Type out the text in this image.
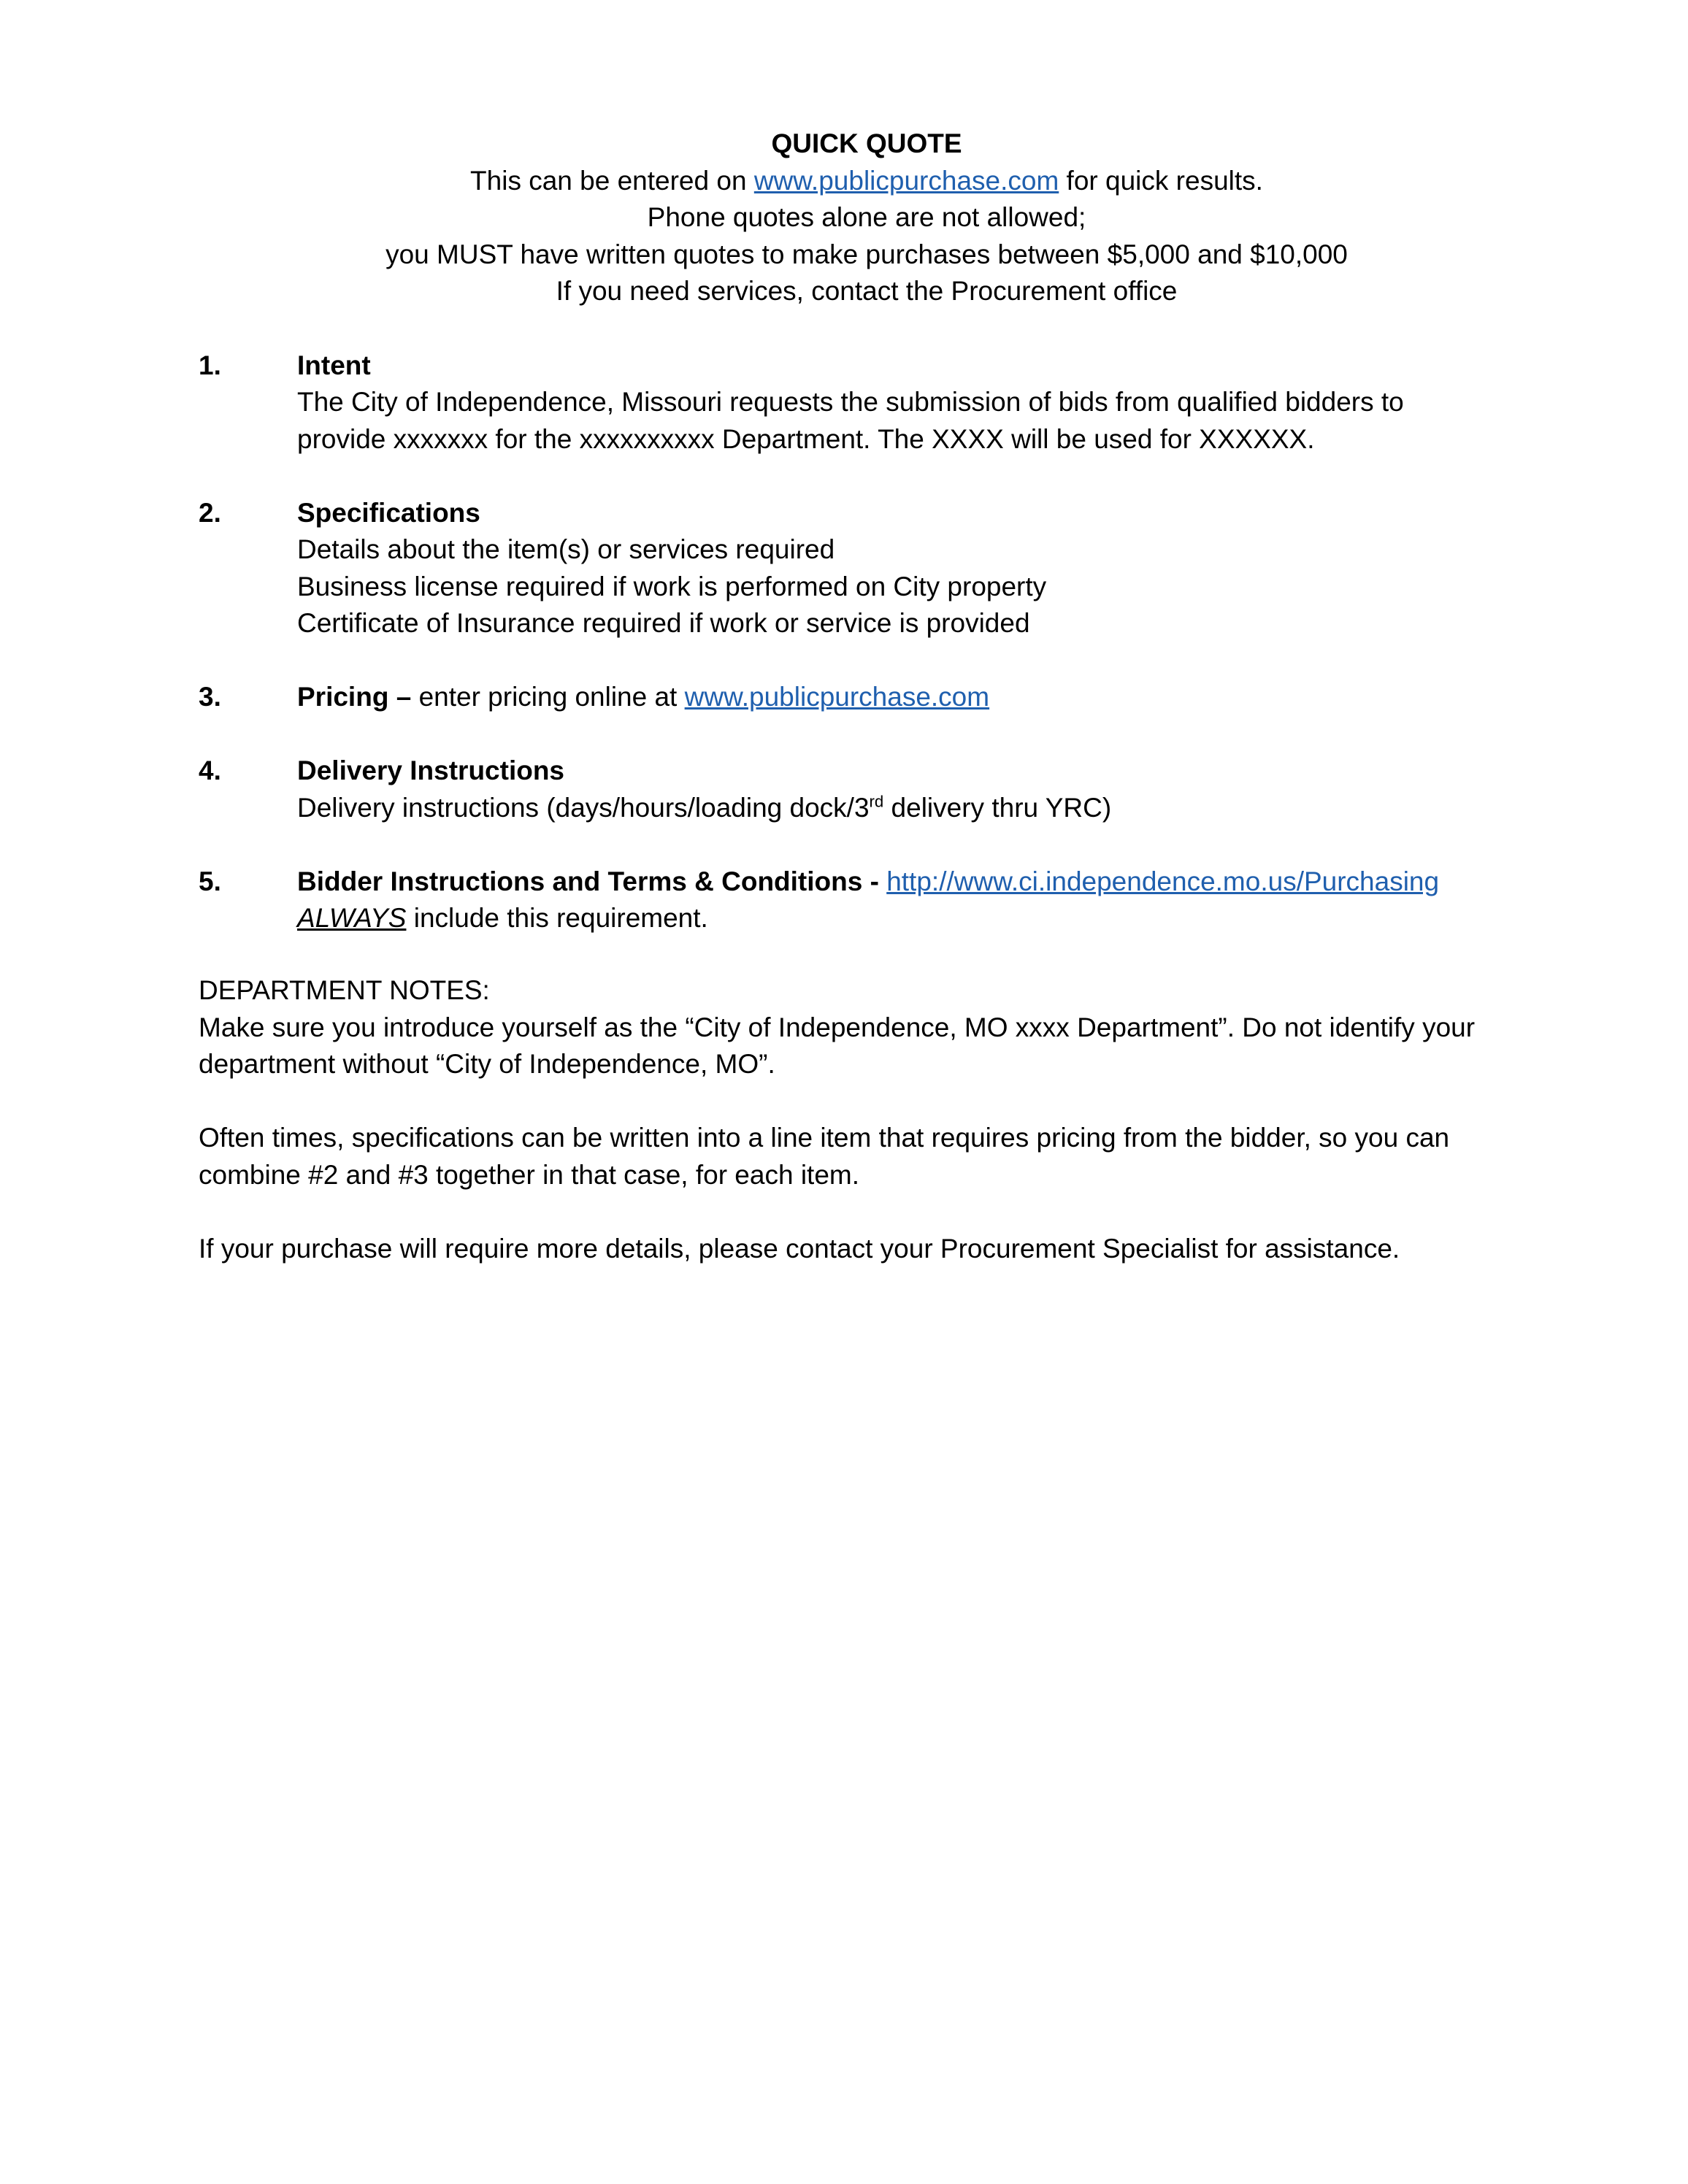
QUICK QUOTE
This can be entered on www.publicpurchase.com for quick results.
Phone quotes alone are not allowed;
you MUST have written quotes to make purchases between $5,000 and $10,000
If you need services, contact the Procurement office
1.	Intent
The City of Independence, Missouri requests the submission of bids from qualified bidders to
provide xxxxxxx for the xxxxxxxxxx Department. The XXXX will be used for XXXXXX.
2.	Specifications
Details about the item(s) or services required
Business license required if work is performed on City property
Certificate of Insurance required if work or service is provided
3.	Pricing – enter pricing online at www.publicpurchase.com
4.	Delivery Instructions
Delivery instructions (days/hours/loading dock/3rd delivery thru YRC)
5.	Bidder Instructions and Terms & Conditions - http://www.ci.independence.mo.us/Purchasing
ALWAYS include this requirement.
DEPARTMENT NOTES:
Make sure you introduce yourself as the “City of Independence, MO xxxx Department”. Do not identify your
department without “City of Independence, MO”.
Often times, specifications can be written into a line item that requires pricing from the bidder, so you can
combine #2 and #3 together in that case, for each item.
If your purchase will require more details, please contact your Procurement Specialist for assistance.
